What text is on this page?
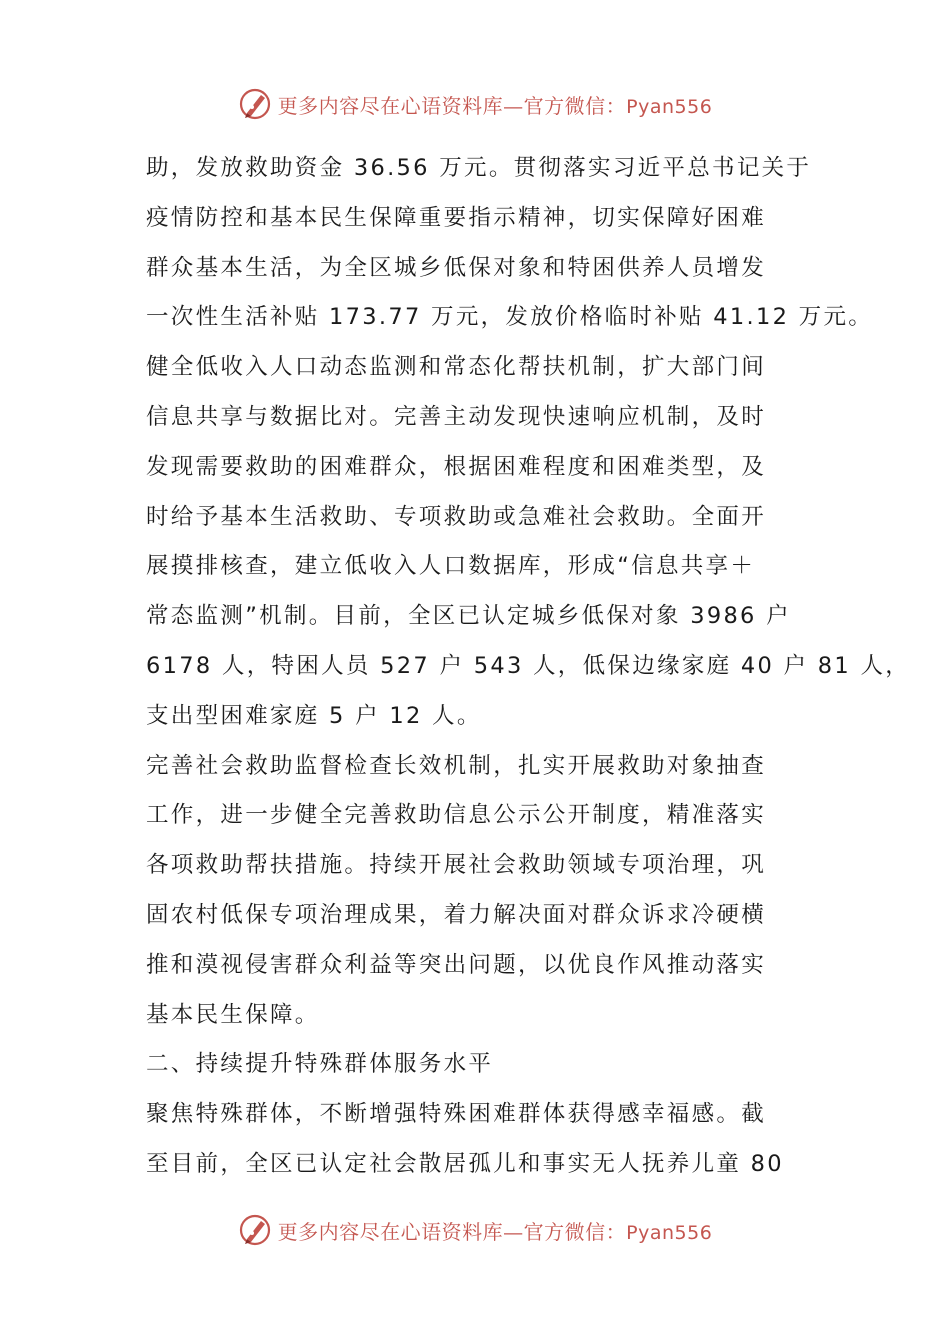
更多内容尽在心语资料库—官方微信：Pyan556
助，发放救助资金 36.56 万元。贯彻落实习近平总书记关于
疫情防控和基本民生保障重要指示精神，切实保障好困难
群众基本生活，为全区城乡低保对象和特困供养人员增发
一次性生活补贴 173.77 万元，发放价格临时补贴 41.12 万元。
健全低收入人口动态监测和常态化帮扶机制，扩大部门间
信息共享与数据比对。完善主动发现快速响应机制，及时
发现需要救助的困难群众，根据困难程度和困难类型，及
时给予基本生活救助、专项救助或急难社会救助。全面开
展摸排核查，建立低收入人口数据库，形成“信息共享＋
常态监测”机制。目前，全区已认定城乡低保对象 3986 户
6178 人，特困人员 527 户 543 人，低保边缘家庭 40 户 81 人，
支出型困难家庭 5 户 12 人。
完善社会救助监督检查长效机制，扎实开展救助对象抽查
工作，进一步健全完善救助信息公示公开制度，精准落实
各项救助帮扶措施。持续开展社会救助领域专项治理，巩
固农村低保专项治理成果，着力解决面对群众诉求冷硬横
推和漠视侵害群众利益等突出问题，以优良作风推动落实
基本民生保障。
二、持续提升特殊群体服务水平
聚焦特殊群体，不断增强特殊困难群体获得感幸福感。截
至目前，全区已认定社会散居孤儿和事实无人抚养儿童 80
更多内容尽在心语资料库—官方微信：Pyan556
